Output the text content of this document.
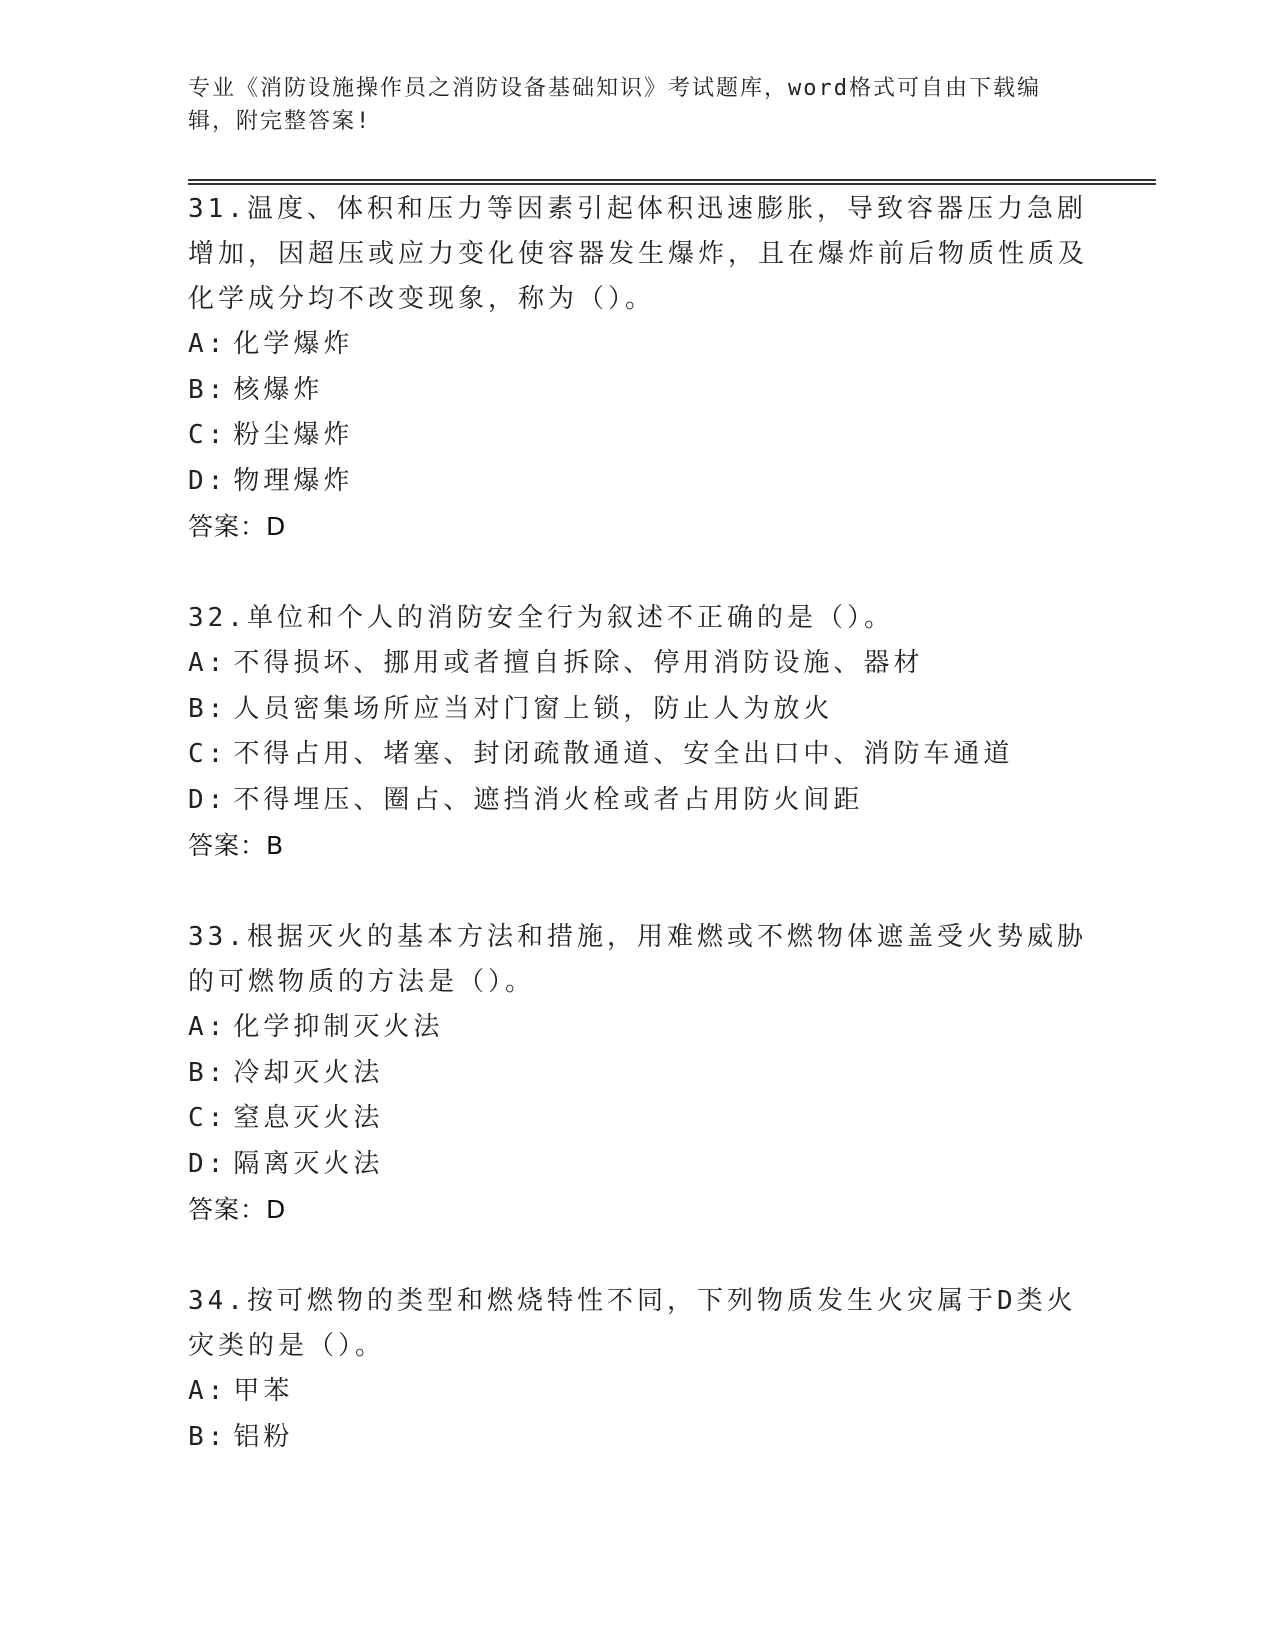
专业《消防设施操作员之消防设备基础知识》考试题库，word格式可自由下载编辑，附完整答案!
31.温度、体积和压力等因素引起体积迅速膨胀，导致容器压力急剧增加，因超压或应力变化使容器发生爆炸，且在爆炸前后物质性质及化学成分均不改变现象，称为（）。
A: 化学爆炸
B: 核爆炸
C: 粉尘爆炸
D: 物理爆炸
答案：D
32.单位和个人的消防安全行为叙述不正确的是（）。
A: 不得损坏、挪用或者擅自拆除、停用消防设施、器材
B: 人员密集场所应当对门窗上锁，防止人为放火
C: 不得占用、堵塞、封闭疏散通道、安全出口中、消防车通道
D: 不得埋压、圈占、遮挡消火栓或者占用防火间距
答案：B
33.根据灭火的基本方法和措施，用难燃或不燃物体遮盖受火势威胁的可燃物质的方法是（）。
A: 化学抑制灭火法
B: 冷却灭火法
C: 窒息灭火法
D: 隔离灭火法
答案：D
34.按可燃物的类型和燃烧特性不同，下列物质发生火灾属于D类火灾类的是（）。
A: 甲苯
B: 铝粉
